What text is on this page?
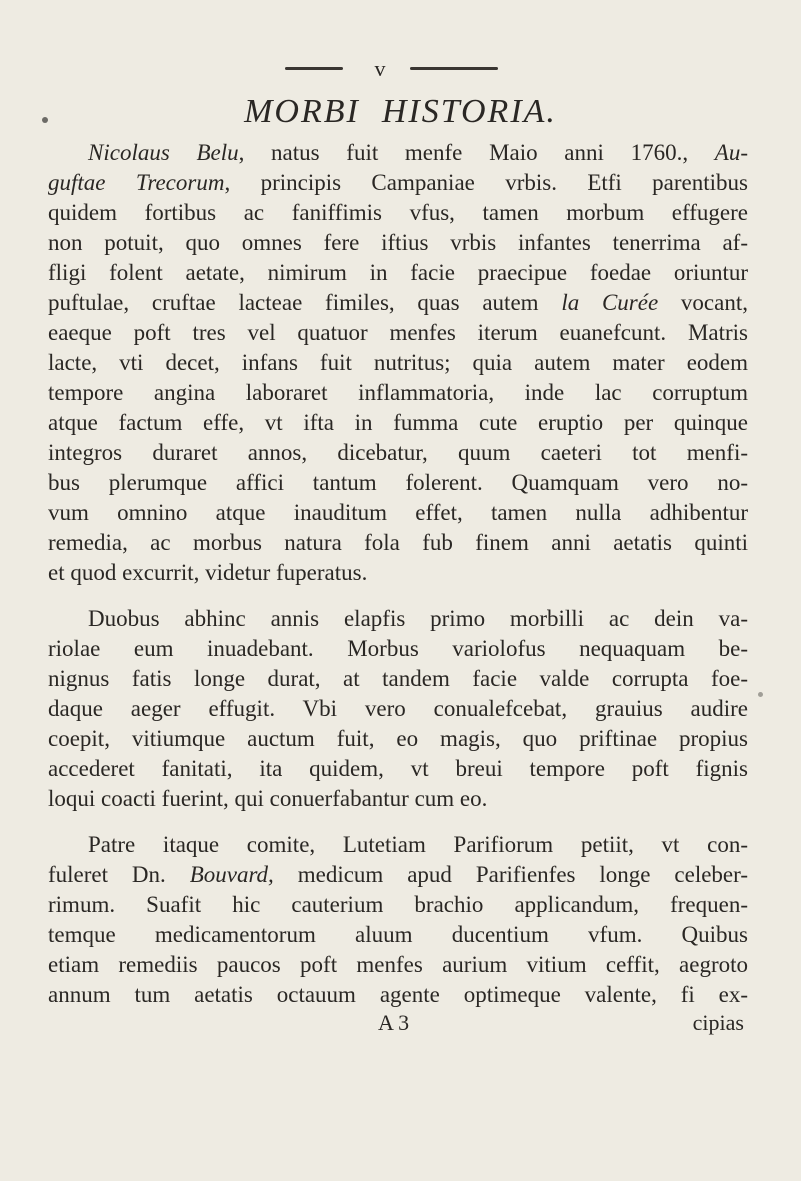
v
MORBI HISTORIA.
Nicolaus Belu, natus fuit menfe Maio anni 1760., Au-
guftae Trecorum, principis Campaniae vrbis. Etfi parentibus
quidem fortibus ac faniffimis vfus, tamen morbum effugere
non potuit, quo omnes fere iftius vrbis infantes tenerrima af-
fligi folent aetate, nimirum in facie praecipue foedae oriuntur
puftulae, cruftae lacteae fimiles, quas autem la Curée vocant,
eaeque poft tres vel quatuor menfes iterum euanefcunt. Matris
lacte, vti decet, infans fuit nutritus; quia autem mater eodem
tempore angina laboraret inflammatoria, inde lac corruptum
atque factum effe, vt ifta in fumma cute eruptio per quinque
integros duraret annos, dicebatur, quum caeteri tot menfi-
bus plerumque affici tantum folerent. Quamquam vero no-
vum omnino atque inauditum effet, tamen nulla adhibentur
remedia, ac morbus natura fola fub finem anni aetatis quinti
et quod excurrit, videtur fuperatus.
Duobus abhinc annis elapfis primo morbilli ac dein va-
riolae eum inuadebant. Morbus variolofus nequaquam be-
nignus fatis longe durat, at tandem facie valde corrupta foe-
daque aeger effugit. Vbi vero conualefcebat, grauius audire
coepit, vitiumque auctum fuit, eo magis, quo priftinae propius
accederet fanitati, ita quidem, vt breui tempore poft fignis
loqui coacti fuerint, qui conuerfabantur cum eo.
Patre itaque comite, Lutetiam Parifiorum petiit, vt con-
fuleret Dn. Bouvard, medicum apud Parifienfes longe celeber-
rimum. Suafit hic cauterium brachio applicandum, frequen-
temque medicamentorum aluum ducentium vfum. Quibus
etiam remediis paucos poft menfes aurium vitium ceffit, aegroto
annum tum aetatis octauum agente optimeque valente, fi ex-
A 3	cipias
